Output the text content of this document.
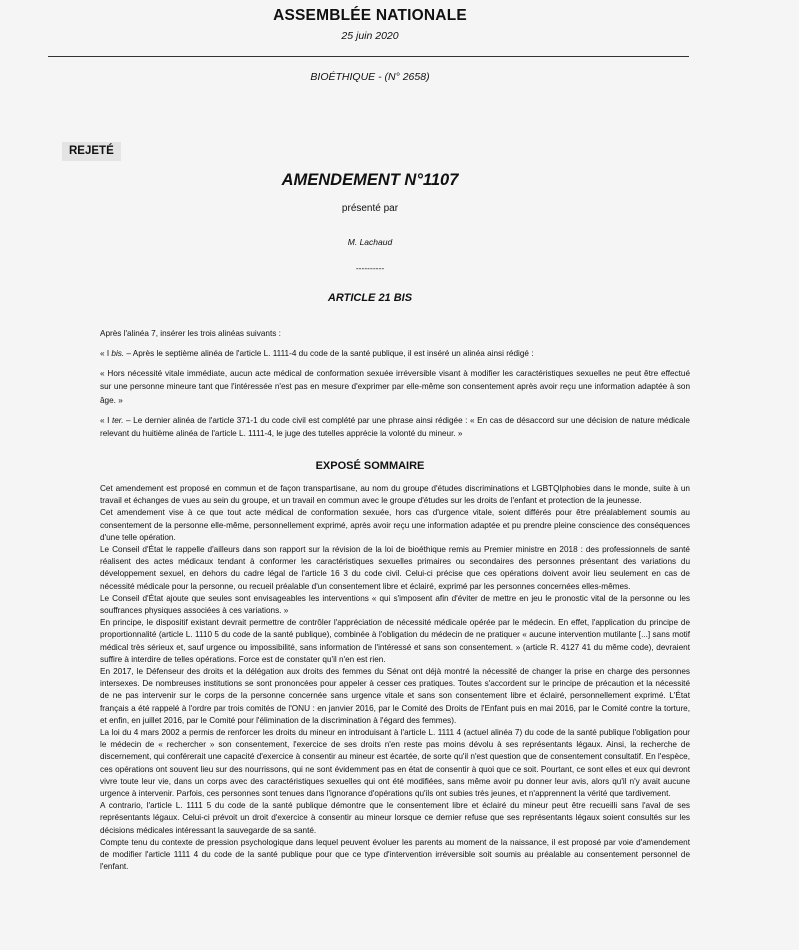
ASSEMBLÉE NATIONALE
25 juin 2020
BIOÉTHIQUE - (N° 2658)
REJETÉ
AMENDEMENT N°1107
présenté par
M. Lachaud
----------
ARTICLE 21 BIS

Après l'alinéa 7, insérer les trois alinéas suivants :

« I bis. – Après le septième alinéa de l'article L. 1111‑4 du code de la santé publique, il est inséré un alinéa ainsi rédigé :

« Hors nécessité vitale immédiate, aucun acte médical de conformation sexuée irréversible visant à modifier les caractéristiques sexuelles ne peut être effectué sur une personne mineure tant que l'intéressée n'est pas en mesure d'exprimer par elle‑même son consentement après avoir reçu une information adaptée à son âge. »

« I ter. – Le dernier alinéa de l'article 371‑1 du code civil est complété par une phrase ainsi rédigée : « En cas de désaccord sur une décision de nature médicale relevant du huitième alinéa de l'article L. 1111‑4, le juge des tutelles apprécie la volonté du mineur. »

EXPOSÉ SOMMAIRE

Cet amendement est proposé en commun et de façon transpartisane, au nom du groupe d'études discriminations et LGBTQIphobies dans le monde, suite à un travail et échanges de vues au sein du groupe, et un travail en commun avec le groupe d'études sur les droits de l'enfant et protection de la jeunesse.

Cet amendement vise à ce que tout acte médical de conformation sexuée, hors cas d'urgence vitale, soient différés pour être préalablement soumis au consentement de la personne elle‑même, personnellement exprimé, après avoir reçu une information adaptée et pu prendre pleine conscience des conséquences d'une telle opération.

Le Conseil d'État le rappelle d'ailleurs dans son rapport sur la révision de la loi de bioéthique remis au Premier ministre en 2018 : des professionnels de santé réalisent des actes médicaux tendant à conformer les caractéristiques sexuelles primaires ou secondaires des personnes présentant des variations du développement sexuel, en dehors du cadre légal de l'article 16 3 du code civil. Celui‑ci précise que ces opérations doivent avoir lieu seulement en cas de nécessité médicale pour la personne, ou recueil préalable d'un consentement libre et éclairé, exprimé par les personnes concernées elles‑mêmes.

Le Conseil d'État ajoute que seules sont envisageables les interventions « qui s'imposent afin d'éviter de mettre en jeu le pronostic vital de la personne ou les souffrances physiques associées à ces variations. »

En principe, le dispositif existant devrait permettre de contrôler l'appréciation de nécessité médicale opérée par le médecin. En effet, l'application du principe de proportionnalité (article L. 1110 5 du code de la santé publique), combinée à l'obligation du médecin de ne pratiquer « aucune intervention mutilante [...] sans motif médical très sérieux et, sauf urgence ou impossibilité, sans information de l'intéressé et sans son consentement. » (article R. 4127 41 du même code), devraient suffire à interdire de telles opérations. Force est de constater qu'il n'en est rien.

En 2017, le Défenseur des droits et la délégation aux droits des femmes du Sénat ont déjà montré la nécessité de changer la prise en charge des personnes intersexes. De nombreuses institutions se sont prononcées pour appeler à cesser ces pratiques. Toutes s'accordent sur le principe de précaution et la nécessité de ne pas intervenir sur le corps de la personne concernée sans urgence vitale et sans son consentement libre et éclairé, personnellement exprimé. L'État français a été rappelé à l'ordre par trois comités de l'ONU : en janvier 2016, par le Comité des Droits de l'Enfant puis en mai 2016, par le Comité contre la torture, et enfin, en juillet 2016, par le Comité pour l'élimination de la discrimination à l'égard des femmes).

La loi du 4 mars 2002 a permis de renforcer les droits du mineur en introduisant à l'article L. 1111 4 (actuel alinéa 7) du code de la santé publique l'obligation pour le médecin de « rechercher » son consentement, l'exercice de ses droits n'en reste pas moins dévolu à ses représentants légaux. Ainsi, la recherche de discernement, qui conférerait une capacité d'exercice à consentir au mineur est écartée, de sorte qu'il n'est question que de consentement consultatif. En l'espèce, ces opérations ont souvent lieu sur des nourrissons, qui ne sont évidemment pas en état de consentir à quoi que ce soit. Pourtant, ce sont elles et eux qui devront vivre toute leur vie, dans un corps avec des caractéristiques sexuelles qui ont été modifiées, sans même avoir pu donner leur avis, alors qu'il n'y avait aucune urgence à intervenir. Parfois, ces personnes sont tenues dans l'ignorance d'opérations qu'ils ont subies très jeunes, et n'apprennent la vérité que tardivement.

A contrario, l'article L. 1111 5 du code de la santé publique démontre que le consentement libre et éclairé du mineur peut être recueilli sans l'aval de ses représentants légaux. Celui‑ci prévoit un droit d'exercice à consentir au mineur lorsque ce dernier refuse que ses représentants légaux soient consultés sur les décisions médicales intéressant la sauvegarde de sa santé.

Compte tenu du contexte de pression psychologique dans lequel peuvent évoluer les parents au moment de la naissance, il est proposé par voie d'amendement de modifier l'article 1111 4 du code de la santé publique pour que ce type d'intervention irréversible soit soumis au préalable au consentement personnel de l'enfant.
